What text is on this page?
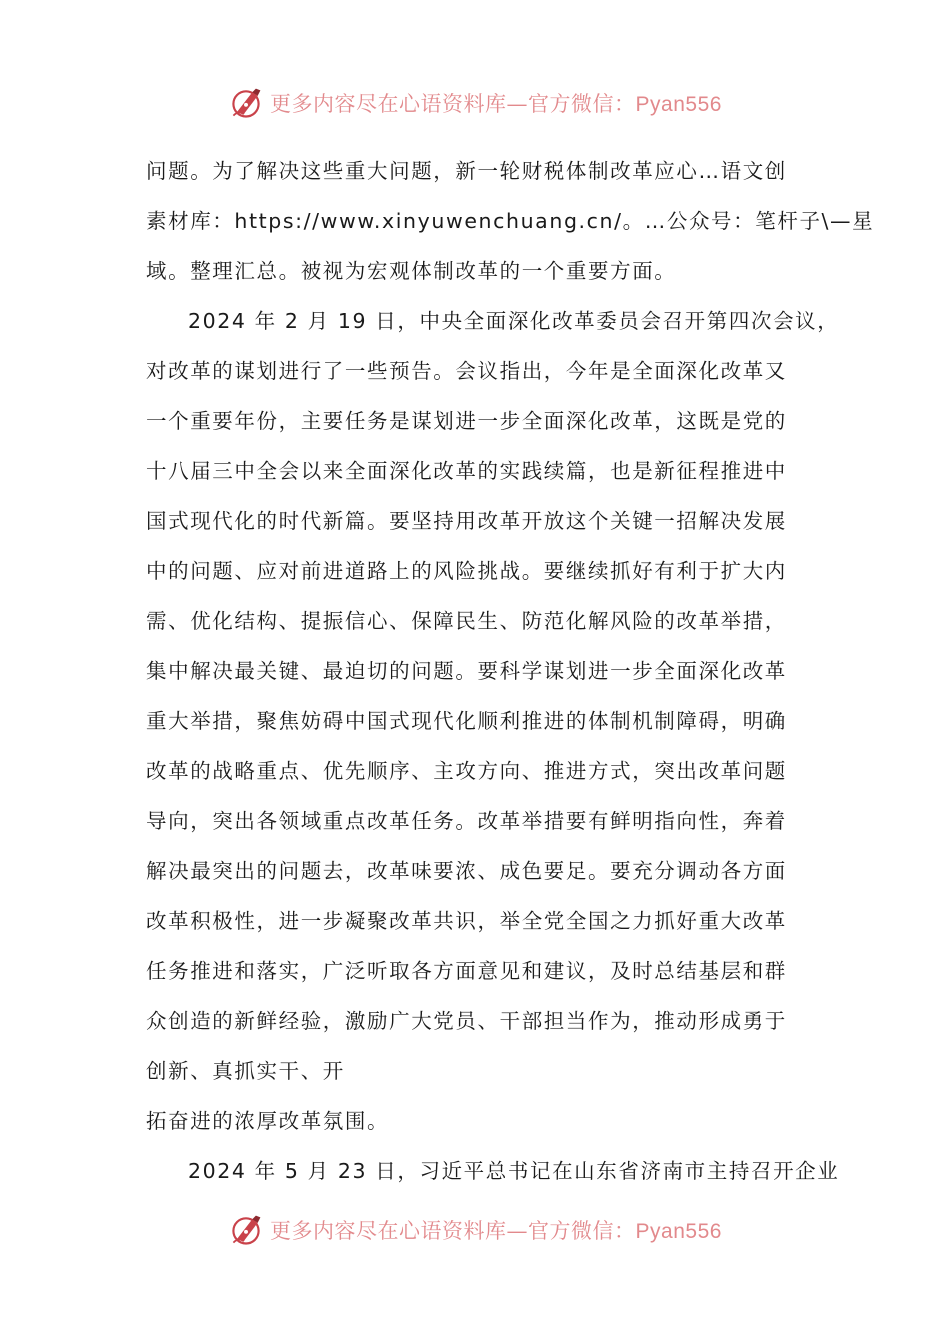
更多内容尽在心语资料库—官方微信：Pyan556
问题。为了解决这些重大问题，新一轮财税体制改革应心…语文创
素材库：https://www.xinyuwenchuang.cn/。…公众号：笔杆子\—星
域。整理汇总。被视为宏观体制改革的一个重要方面。
2024 年 2 月 19 日，中央全面深化改革委员会召开第四次会议，
对改革的谋划进行了一些预告。会议指出，今年是全面深化改革又
一个重要年份，主要任务是谋划进一步全面深化改革，这既是党的
十八届三中全会以来全面深化改革的实践续篇，也是新征程推进中
国式现代化的时代新篇。要坚持用改革开放这个关键一招解决发展
中的问题、应对前进道路上的风险挑战。要继续抓好有利于扩大内
需、优化结构、提振信心、保障民生、防范化解风险的改革举措，
集中解决最关键、最迫切的问题。要科学谋划进一步全面深化改革
重大举措，聚焦妨碍中国式现代化顺利推进的体制机制障碍，明确
改革的战略重点、优先顺序、主攻方向、推进方式，突出改革问题
导向，突出各领域重点改革任务。改革举措要有鲜明指向性，奔着
解决最突出的问题去，改革味要浓、成色要足。要充分调动各方面
改革积极性，进一步凝聚改革共识，举全党全国之力抓好重大改革
任务推进和落实，广泛听取各方面意见和建议，及时总结基层和群
众创造的新鲜经验，激励广大党员、干部担当作为，推动形成勇于
创新、真抓实干、开
拓奋进的浓厚改革氛围。
2024 年 5 月 23 日，习近平总书记在山东省济南市主持召开企业
更多内容尽在心语资料库—官方微信：Pyan556
